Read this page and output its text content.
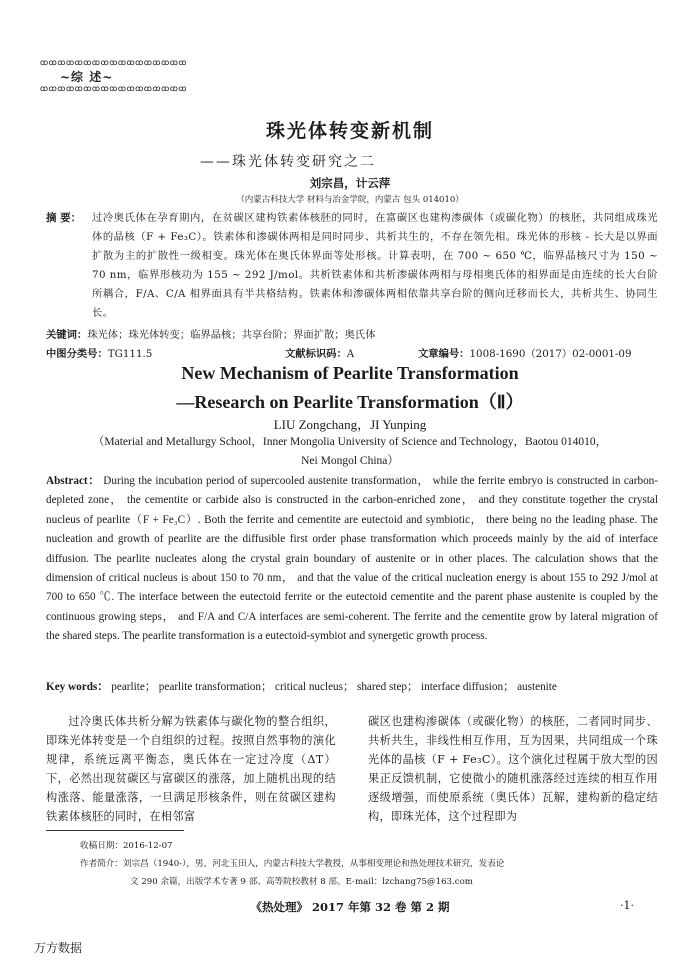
ꝏꝏꝏꝏꝏꝏꝏꝏꝏꝏꝏꝏꝏꝏꝏꝏꝏ
~综 述~
ꝏꝏꝏꝏꝏꝏꝏꝏꝏꝏꝏꝏꝏꝏꝏꝏꝏ
珠光体转变新机制
——珠光体转变研究之二
刘宗昌，计云萍
（内蒙古科技大学 材料与冶金学院，内蒙古 包头 014010）
摘 要： 过冷奥氏体在孕育期内，在贫碳区建构铁素体核胚的同时，在富碳区也建构渗碳体（或碳化物）的核胚，共同组成珠光体的晶核（F + Fe₃C）。铁素体和渗碳体两相是同时同步、共析共生的，不存在领先相。珠光体的形核 - 长大是以界面扩散为主的扩散性一级相变。珠光体在奥氏体界面等处形核。计算表明，在 700 ~ 650 ℃，临界晶核尺寸为 150 ~ 70 nm，临界形核功为 155 ~ 292 J/mol。共析铁素体和共析渗碳体两相与母相奥氏体的相界面是由连续的长大台阶所耦合，F/A、C/A 相界面具有半共格结构。铁素体和渗碳体两相依靠共享台阶的侧向迁移而长大，共析共生、协同生长。
关键词：珠光体；珠光体转变；临界晶核；共享台阶；界面扩散；奥氏体
中图分类号：TG111.5	文献标识码：A	文章编号：1008-1690（2017）02-0001-09
New Mechanism of Pearlite Transformation
—Research on Pearlite Transformation（Ⅱ）
LIU Zongchang，JI Yunping
（Material and Metallurgy School，Inner Mongolia University of Science and Technology，Baotou 014010，Nei Mongol China）
Abstract： During the incubation period of supercooled austenite transformation， while the ferrite embryo is constructed in carbon-depleted zone， the cementite or carbide also is constructed in the carbon-enriched zone， and they constitute together the crystal nucleus of pearlite（F + Fe₃C）. Both the ferrite and cementite are eutectoid and symbiotic， there being no the leading phase. The nucleation and growth of pearlite are the diffusible first order phase transformation which proceeds mainly by the aid of interface diffusion. The pearlite nucleates along the crystal grain boundary of austenite or in other places. The calculation shows that the dimension of critical nucleus is about 150 to 70 nm， and that the value of the critical nucleation energy is about 155 to 292 J/mol at 700 to 650 ℃. The interface between the eutectoid ferrite or the eutectoid cementite and the parent phase austenite is coupled by the continuous growing steps， and F/A and C/A interfaces are semi-coherent. The ferrite and the cementite grow by lateral migration of the shared steps. The pearlite transformation is a eutectoid-symbiot and synergetic growth process.
Key words： pearlite； pearlite transformation； critical nucleus； shared step； interface diffusion； austenite
过冷奥氏体共析分解为铁素体与碳化物的整合组织，即珠光体转变是一个自组织的过程。按照自然事物的演化规律，系统远离平衡态，奥氏体在一定过冷度（ΔT）下，必然出现贫碳区与富碳区的涨落，加上随机出现的结构涨落、能量涨落，一旦满足形核条件，则在贫碳区建构铁素体核胚的同时，在相邻富
碳区也建构渗碳体（或碳化物）的核胚，二者同时同步、共析共生，非线性相互作用，互为因果，共同组成一个珠光体的晶核（F + Fe₃C）。这个演化过程属于放大型的因果正反馈机制，它使微小的随机涨落经过连续的相互作用逐级增强，而使原系统（奥氏体）瓦解，建构新的稳定结构，即珠光体，这个过程即为
收稿日期：2016-12-07
作者简介：刘宗昌（1940-），男，河北玉田人，内蒙古科技大学教授，从事相变理论和热处理技术研究，发表论
文 290 余篇，出版学术专著 9 部、高等院校教材 8 部。E-mail：lzchang75@163.com
《热处理》 2017 年第 32 卷 第 2 期	·1·
万方数据
